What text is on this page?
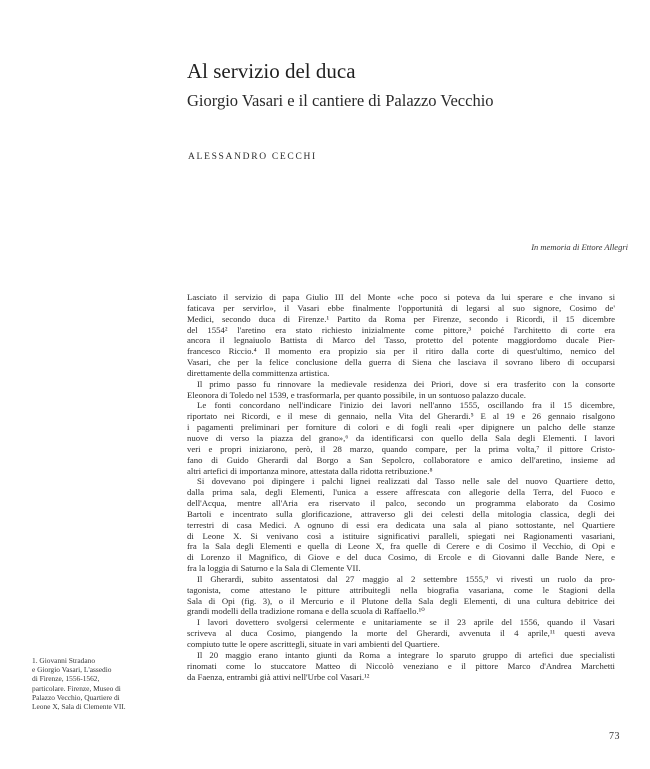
Al servizio del duca
Giorgio Vasari e il cantiere di Palazzo Vecchio
ALESSANDRO CECCHI
In memoria di Ettore Allegri
Lasciato il servizio di papa Giulio III del Monte «che poco si poteva da lui sperare e che invano si
faticava per servirlo», il Vasari ebbe finalmente l'opportunità di legarsi al suo signore, Cosimo de'
Medici, secondo duca di Firenze.¹ Partito da Roma per Firenze, secondo i Ricordi, il 15 dicembre
del 1554² l'aretino era stato richiesto inizialmente come pittore,³ poiché l'architetto di corte era
ancora il legnaiuolo Battista di Marco del Tasso, protetto del potente maggiordomo ducale Pier-
francesco Riccio.⁴ Il momento era propizio sia per il ritiro dalla corte di quest'ultimo, nemico del
Vasari, che per la felice conclusione della guerra di Siena che lasciava il sovrano libero di occuparsi
direttamente della committenza artistica.
Il primo passo fu rinnovare la medievale residenza dei Priori, dove si era trasferito con la consorte
Eleonora di Toledo nel 1539, e trasformarla, per quanto possibile, in un sontuoso palazzo ducale.
Le fonti concordano nell'indicare l'inizio dei lavori nell'anno 1555, oscillando fra il 15 dicembre,
riportato nei Ricordi, e il mese di gennaio, nella Vita del Gherardi.⁵ E al 19 e 26 gennaio risalgono
i pagamenti preliminari per forniture di colori e di fogli reali «per dipignere un palcho delle stanze
nuove di verso la piazza del grano»,⁶ da identificarsi con quello della Sala degli Elementi. I lavori
veri e propri iniziarono, però, il 28 marzo, quando compare, per la prima volta,⁷ il pittore Cristo-
fano di Guido Gherardi dal Borgo a San Sepolcro, collaboratore e amico dell'aretino, insieme ad
altri artefici di importanza minore, attestata dalla ridotta retribuzione.⁸
Si dovevano poi dipingere i palchi lignei realizzati dal Tasso nelle sale del nuovo Quartiere detto,
dalla prima sala, degli Elementi, l'unica a essere affrescata con allegorie della Terra, del Fuoco e
dell'Acqua, mentre all'Aria era riservato il palco, secondo un programma elaborato da Cosimo
Bartoli e incentrato sulla glorificazione, attraverso gli dei celesti della mitologia classica, degli dei
terrestri di casa Medici. A ognuno di essi era dedicata una sala al piano sottostante, nel Quartiere
di Leone X. Si venivano così a istituire significativi paralleli, spiegati nei Ragionamenti vasariani,
fra la Sala degli Elementi e quella di Leone X, fra quelle di Cerere e di Cosimo il Vecchio, di Opi e
di Lorenzo il Magnifico, di Giove e del duca Cosimo, di Ercole e di Giovanni dalle Bande Nere, e
fra la loggia di Saturno e la Sala di Clemente VII.
Il Gherardi, subito assentatosi dal 27 maggio al 2 settembre 1555,⁹ vi rivestì un ruolo da pro-
tagonista, come attestano le pitture attribuitegli nella biografia vasariana, come le Stagioni della
Sala di Opi (fig. 3), o il Mercurio e il Plutone della Sala degli Elementi, di una cultura debitrice dei
grandi modelli della tradizione romana e della scuola di Raffaello.¹⁰
I lavori dovettero svolgersi celermente e unitariamente se il 23 aprile del 1556, quando il Vasari
scriveva al duca Cosimo, piangendo la morte del Gherardi, avvenuta il 4 aprile,¹¹ questi aveva
compiuto tutte le opere ascrittegli, situate in vari ambienti del Quartiere.
Il 20 maggio erano intanto giunti da Roma a integrare lo sparuto gruppo di artefici due specialisti
rinomati come lo stuccatore Matteo di Niccolò veneziano e il pittore Marco d'Andrea Marchetti
da Faenza, entrambi già attivi nell'Urbe col Vasari.¹²
1. Giovanni Stradano
e Giorgio Vasari, L'assedio
di Firenze, 1556-1562,
particolare. Firenze, Museo di
Palazzo Vecchio, Quartiere di
Leone X, Sala di Clemente VII.
73
